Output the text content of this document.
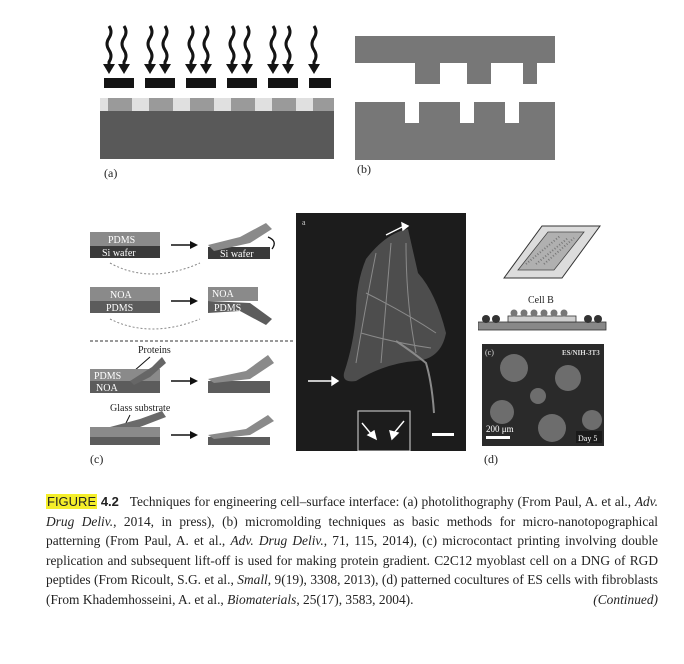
(a)	(b)
PDMS
Si wafer	Si wafer
NOA
PDMS
NOA
PDMS
Proteins
PDMS
NOA
Glass substrate
(c)
a
Cell B
(c)	ES/NIH-3T3
200 μm
Day 5
(d)
FIGURE 4.2 Techniques for engineering cell–surface interface: (a) photolithography (From Paul, A. et al., Adv. Drug Deliv., 2014, in press), (b) micromolding techniques as basic methods for micro-nanotopographical patterning (From Paul, A. et al., Adv. Drug Deliv., 71, 115, 2014), (c) microcontact printing involving double replication and subsequent lift-off is used for making protein gradient. C2C12 myoblast cell on a DNG of RGD peptides (From Ricoult, S.G. et al., Small, 9(19), 3308, 2013), (d) patterned cocultures of ES cells with fibroblasts (From Khademhosseini, A. et al., Biomaterials, 25(17), 3583, 2004).	(Continued)
